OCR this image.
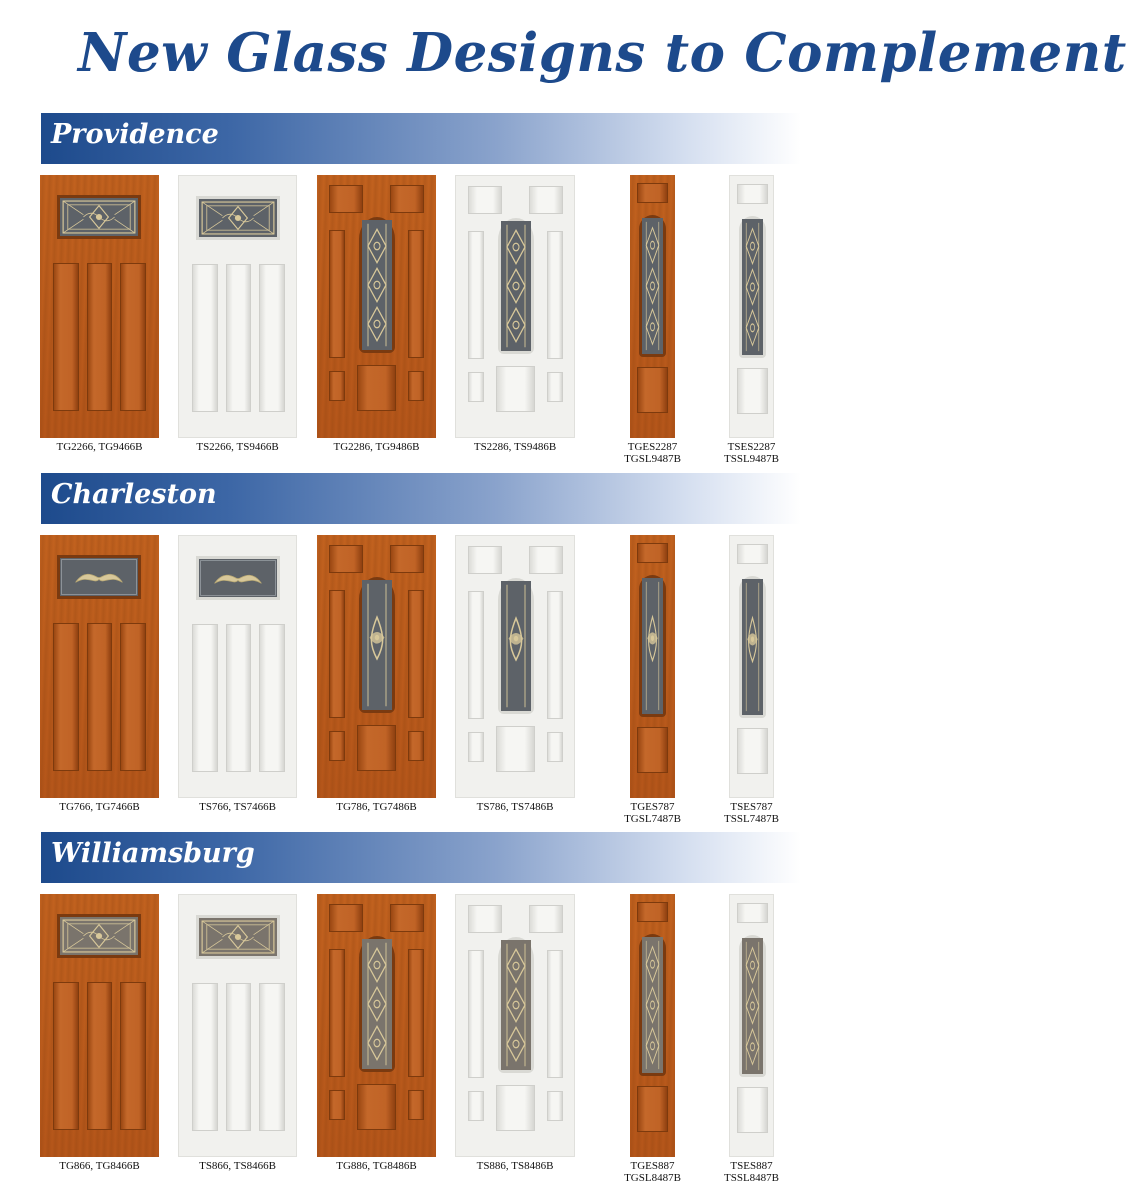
New Glass Designs to Complement
Providence
TG2266, TG9466B	TS2266, TS9466B	TG2286, TG9486B	TS2286, TS9486B	TGES2287
TGSL9487B
TSES2287
TSSL9487B
Charleston
TG766, TG7466B	TS766, TS7466B	TG786, TG7486B	TS786, TS7486B	TGES787
TGSL7487B
TSES787
TSSL7487B
Williamsburg
TG866, TG8466B	TS866, TS8466B	TG886, TG8486B	TS886, TS8486B	TGES887
TGSL8487B
TSES887
TSSL8487B
